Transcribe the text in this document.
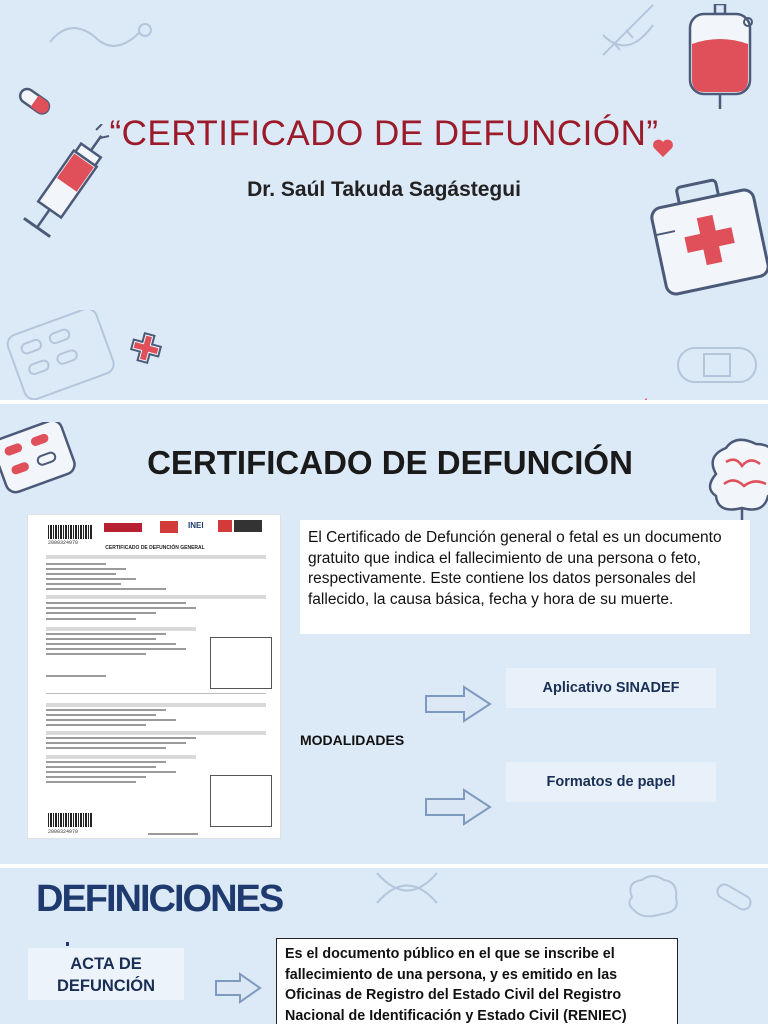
“CERTIFICADO DE DEFUNCIÓN”
Dr. Saúl Takuda Sagástegui
CERTIFICADO DE DEFUNCIÓN
2000324970
INEI
CERTIFICADO DE DEFUNCIÓN GENERAL
2000324970
El Certificado de Defunción general o fetal es un documento gratuito que indica el fallecimiento de una persona o feto, respectivamente. Este contiene los datos personales del fallecido, la causa básica, fecha y hora de su muerte.
MODALIDADES
Aplicativo SINADEF
Formatos de papel
DEFINICIONES
ACTA DE DEFUNCIÓN
Es el documento público en el que se inscribe el fallecimiento de una persona, y es emitido en las Oficinas de Registro del Estado Civil del Registro Nacional de Identificación y Estado Civil (RENIEC)
